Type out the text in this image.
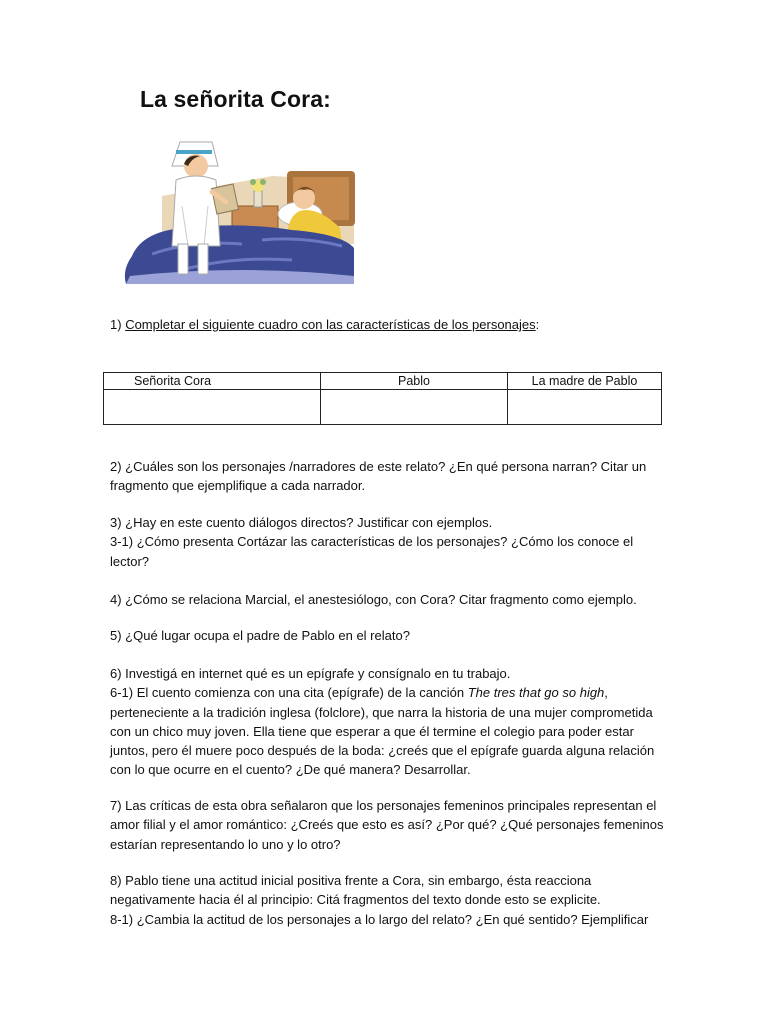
La señorita Cora:
1) Completar el siguiente cuadro con las características de los personajes:
Señorita Cora	Pablo	La madre de Pablo

2) ¿Cuáles son los personajes /narradores de este relato? ¿En qué persona narran? Citar un fragmento que ejemplifique a cada narrador.

3) ¿Hay en este cuento diálogos directos? Justificar con ejemplos.

3-1) ¿Cómo presenta Cortázar las características de los personajes? ¿Cómo los conoce el lector?

4) ¿Cómo se relaciona Marcial, el anestesiólogo, con Cora? Citar fragmento como ejemplo.

5) ¿Qué lugar ocupa el padre de Pablo en el relato?

6) Investigá en internet qué es un epígrafe y consígnalo en tu trabajo.

6-1) El cuento comienza con una cita (epígrafe) de la canción The tres that go so high, perteneciente a la tradición inglesa (folclore), que narra la historia de una mujer comprometida con un chico muy joven. Ella tiene que esperar a que él termine el colegio para poder estar juntos, pero él muere poco después de la boda: ¿creés que el epígrafe guarda alguna relación con lo que ocurre en el cuento? ¿De qué manera? Desarrollar.

7) Las críticas de esta obra señalaron que los personajes femeninos principales representan el amor filial y el amor romántico: ¿Creés que esto es así? ¿Por qué? ¿Qué personajes femeninos estarían representando lo uno y lo otro?

8) Pablo tiene una actitud inicial positiva frente a Cora, sin embargo, ésta reacciona negativamente hacia él al principio: Citá fragmentos del texto donde esto se explicite.

8-1) ¿Cambia la actitud de los personajes a lo largo del relato? ¿En qué sentido? Ejemplificar
